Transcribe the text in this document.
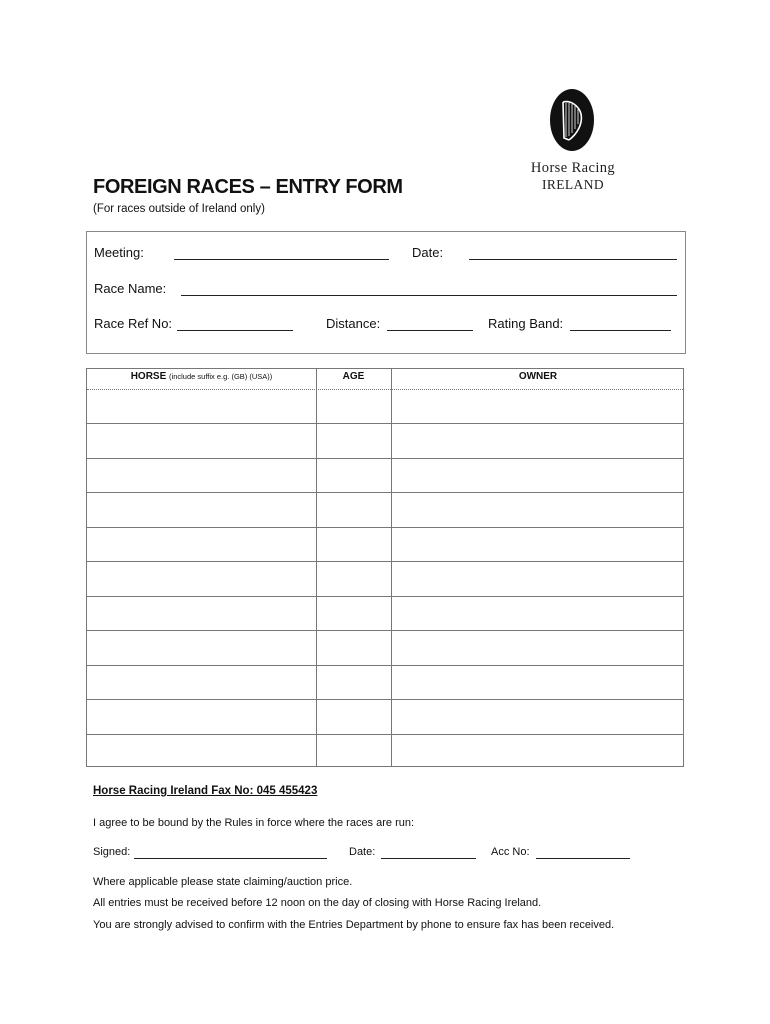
Horse Racing
IRELAND
FOREIGN RACES – ENTRY FORM
(For races outside of Ireland only)
Meeting:	Date:
Race Name:
Race Ref No:	Distance:	Rating Band:
HORSE (include suffix e.g. (GB) (USA))	AGE	OWNER
Horse Racing Ireland Fax No: 045 455423
I agree to be bound by the Rules in force where the races are run:
Signed:	Date:	Acc No:
Where applicable please state claiming/auction price.
All entries must be received before 12 noon on the day of closing with Horse Racing Ireland.
You are strongly advised to confirm with the Entries Department by phone to ensure fax has been received.
